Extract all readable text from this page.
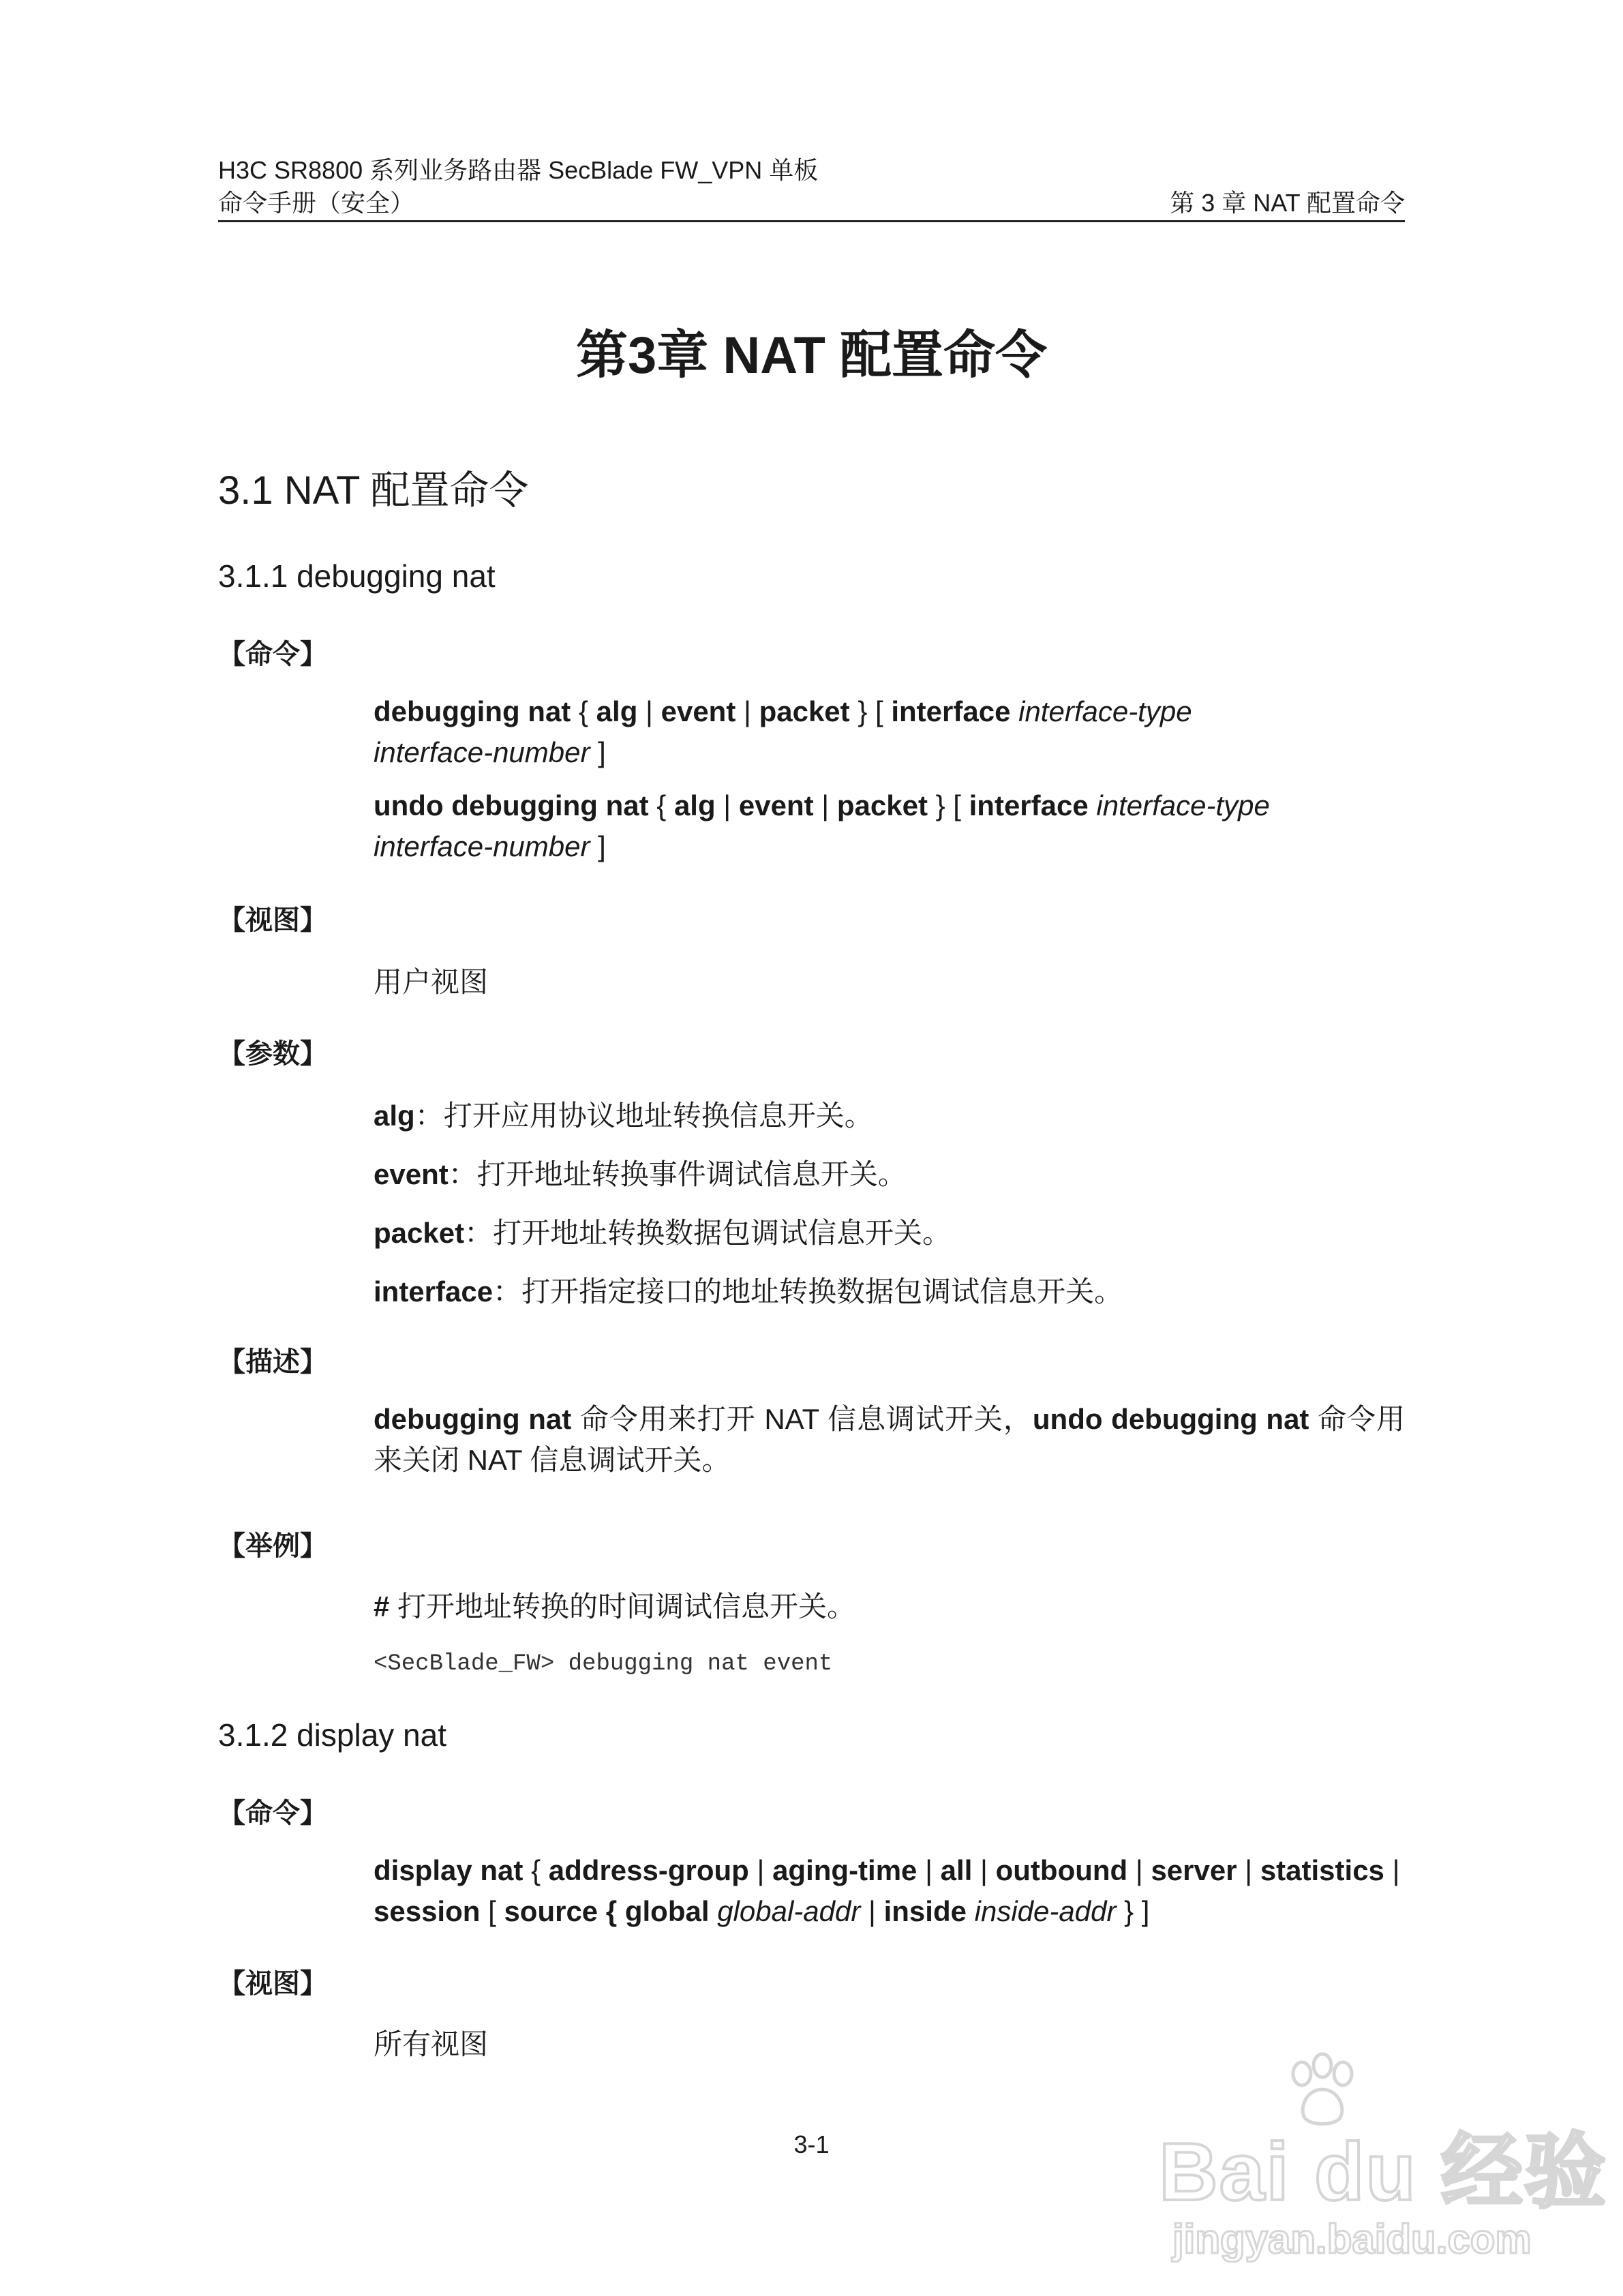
H3C SR8800 系列业务路由器 SecBlade FW_VPN 单板
命令手册（安全）	第 3 章 NAT 配置命令
第3章 NAT 配置命令
3.1 NAT 配置命令
3.1.1 debugging nat
【命令】
debugging nat { alg | event | packet } [ interface interface-type
interface-number ]
undo debugging nat { alg | event | packet } [ interface interface-type
interface-number ]
【视图】
用户视图
【参数】
alg：打开应用协议地址转换信息开关。
event：打开地址转换事件调试信息开关。
packet：打开地址转换数据包调试信息开关。
interface：打开指定接口的地址转换数据包调试信息开关。
【描述】
debugging nat 命令用来打开 NAT 信息调试开关，undo debugging nat 命令用来关闭 NAT 信息调试开关。
【举例】
# 打开地址转换的时间调试信息开关。
<SecBlade_FW> debugging nat event
3.1.2 display nat
【命令】
display nat { address-group | aging-time | all | outbound | server | statistics |
session [ source { global global-addr | inside inside-addr } ]
【视图】
所有视图
3-1	Bai du 经验
jingyan.baidu.com
